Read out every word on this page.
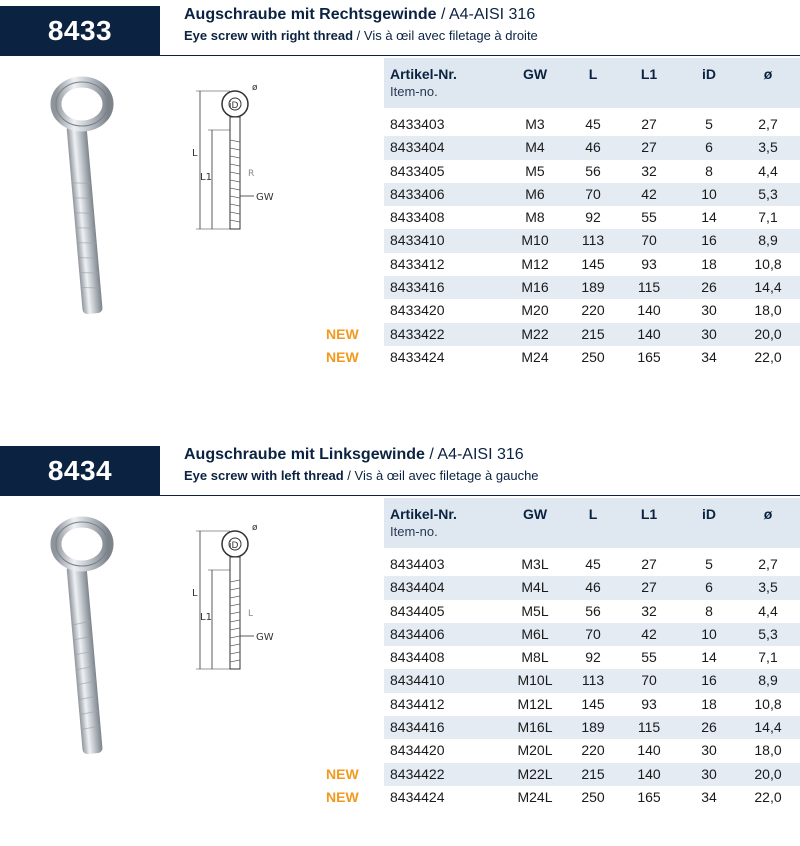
8433
Augschraube mit Rechtsgewinde / A4-AISI 316
Eye screw with right thread / Vis à œil avec filetage à droite
ø
iD
L
L1	R
GW
Artikel-Nr.
Item-no.
GW	L	L1	iD	ø
8433403	M3	45	27	5	2,7
8433404	M4	46	27	6	3,5
8433405	M5	56	32	8	4,4
8433406	M6	70	42	10	5,3
8433408	M8	92	55	14	7,1
8433410	M10	113	70	16	8,9
8433412	M12	145	93	18	10,8
8433416	M16	189	115	26	14,4
8433420	M20	220	140	30	18,0
8433422	M22	215	140	30	20,0
NEW
8433424	M24	250	165	34	22,0
NEW
8434
Augschraube mit Linksgewinde / A4-AISI 316
Eye screw with left thread / Vis à œil avec filetage à gauche
ø
iD
L
L1	L
GW
Artikel-Nr.
Item-no.
GW	L	L1	iD	ø
8434403	M3L	45	27	5	2,7
8434404	M4L	46	27	6	3,5
8434405	M5L	56	32	8	4,4
8434406	M6L	70	42	10	5,3
8434408	M8L	92	55	14	7,1
8434410	M10L	113	70	16	8,9
8434412	M12L	145	93	18	10,8
8434416	M16L	189	115	26	14,4
8434420	M20L	220	140	30	18,0
8434422	M22L	215	140	30	20,0
NEW
8434424	M24L	250	165	34	22,0
NEW
